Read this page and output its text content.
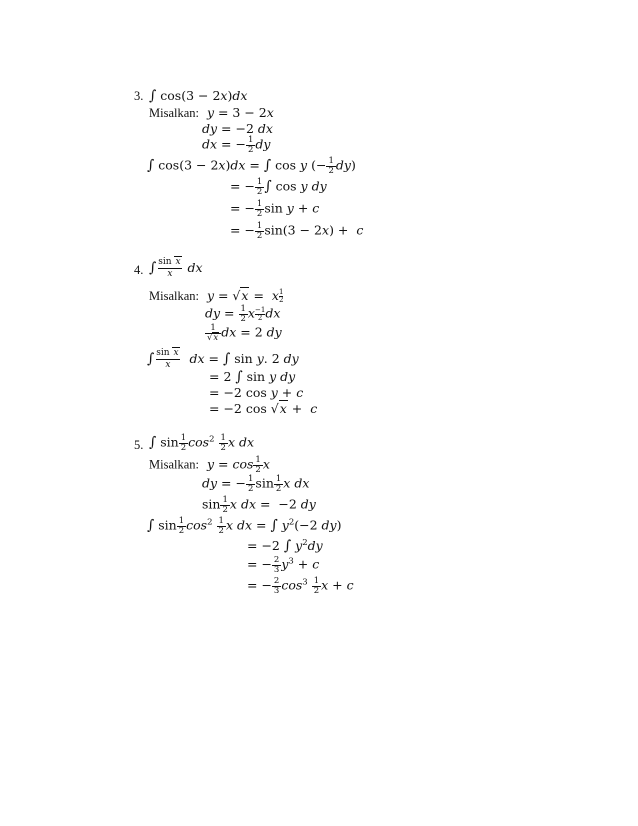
3. ∫ cos(3 − 2x)dx
Misalkan: y = 3 − 2x
dy = −2 dx
dx = − $\frac{1}{2}$ dy
∫ cos(3 − 2x)dx = ∫ cos y (− $\frac{1}{2} dy$)
= − $\frac{1}{2}$ ∫ cos y dy
= − $\frac{1}{2}$ sin y + c
= − $\frac{1}{2} \sin(3 - 2x) + c$
4. ∫ $\frac{\text{sin x}}{x}$ dx
Misalkan: y = √x =  x $\frac{1}{2}$
dy = $\frac{1}{2}$ x $\frac{-1}{2}$ dx
$\frac{1}{√x}$ dx = 2 dy
∫ $\frac{\text{sin x}}{x}$ dx = ∫ sin y. 2 dy
= 2 ∫ sin y dy
= −2 cos y + c
= −2 cos √x +  c
5. ∫ $\sin \frac{1}{2} \cos^2 \frac{1}{2}$ x dx
Misalkan: $y = \cos \frac{1}{2}$ x
dy = − $\frac{1}{2}$ $\sin \frac{1}{2}$ x dx
$\sin \frac{1}{2}$ x dx =  −2 dy
∫ $\sin \frac{1}{2} \cos^2 \frac{1}{2}$ x dx = ∫ $y^2(-2$ dy)
= −2 ∫ $y^2dy$
= − $\frac{2}{3} y^3 + c$
= − $\frac{2}{3} \cos^3 \frac{1}{2}$ x + c
